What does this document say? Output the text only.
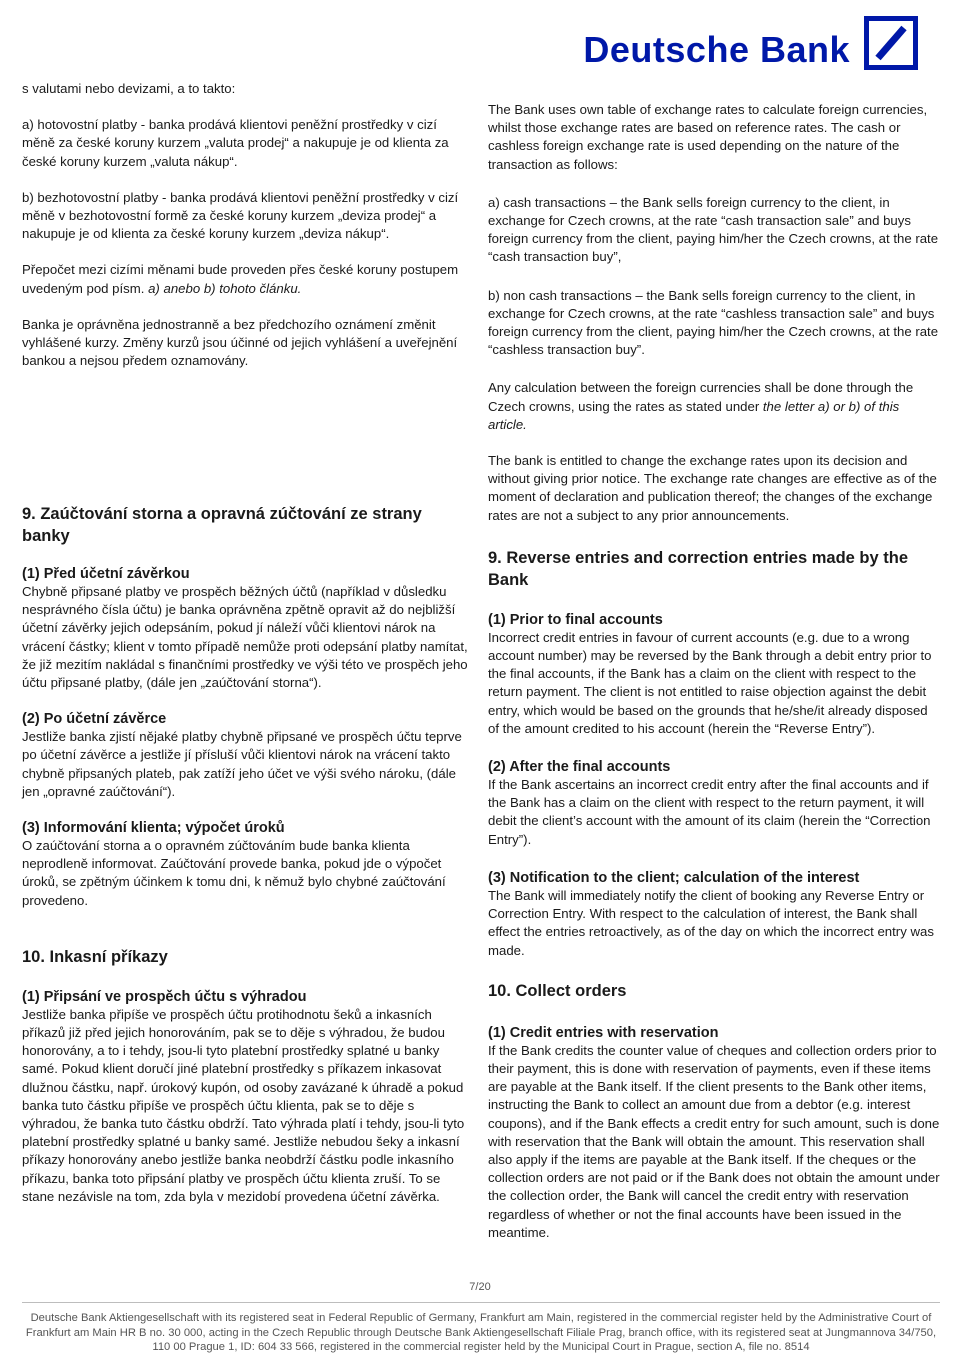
Deutsche Bank

s valutami nebo devizami, a to takto:

a) hotovostní platby - banka prodává klientovi peněžní prostředky v cizí měně za české koruny kurzem „valuta prodej“ a nakupuje je od klienta za české koruny kurzem „valuta nákup“.

b) bezhotovostní platby - banka prodává klientovi peněžní prostředky v cizí měně v bezhotovostní formě za české koruny kurzem „deviza prodej“ a nakupuje je od klienta za české koruny kurzem „deviza nákup“.

Přepočet mezi cizími měnami bude proveden přes české koruny postupem uvedeným pod písm. a) anebo b) tohoto článku.

Banka je oprávněna jednostranně a bez předchozího oznámení změnit vyhlášené kurzy. Změny kurzů jsou účinné od jejich vyhlášení a uveřejnění bankou a nejsou předem oznamovány.

9. Zaúčtování storna a opravná zúčtování ze strany banky

(1) Před účetní závěrkou

Chybně připsané platby ve prospěch běžných účtů (například v důsledku nesprávného čísla účtu) je banka oprávněna zpětně opravit až do nejbližší účetní závěrky jejich odepsáním, pokud jí náleží vůči klientovi nárok na vrácení částky; klient v tomto případě nemůže proti odepsání platby namítat, že již mezitím nakládal s finančními prostředky ve výši této ve prospěch jeho účtu připsané platby, (dále jen „zaúčtování storna“).

(2) Po účetní závěrce

Jestliže banka zjistí nějaké platby chybně připsané ve prospěch účtu teprve po účetní závěrce a jestliže jí přísluší vůči klientovi nárok na vrácení takto chybně připsaných plateb, pak zatíží jeho účet ve výši svého nároku, (dále jen „opravné zaúčtování“).

(3) Informování klienta; výpočet úroků

O zaúčtování storna a o opravném zúčtováním bude banka klienta neprodleně informovat. Zaúčtování provede banka, pokud jde o výpočet úroků, se zpětným účinkem k tomu dni, k němuž bylo chybné zaúčtování provedeno.

10. Inkasní příkazy

(1) Připsání ve prospěch účtu s výhradou

Jestliže banka připíše ve prospěch účtu protihodnotu šeků a inkasních příkazů již před jejich honorováním, pak se to děje s výhradou, že budou honorovány, a to i tehdy, jsou-li tyto platební prostředky splatné u banky samé. Pokud klient doručí jiné platební prostředky s příkazem inkasovat dlužnou částku, např. úrokový kupón, od osoby zavázané k úhradě a pokud banka tuto částku připíše ve prospěch účtu klienta, pak se to děje s výhradou, že banka tuto částku obdrží. Tato výhrada platí i tehdy, jsou-li tyto platební prostředky splatné u banky samé. Jestliže nebudou šeky a inkasní příkazy honorovány anebo jestliže banka neobdrží částku podle inkasního příkazu, banka toto připsání platby ve prospěch účtu klienta zruší. To se stane nezávisle na tom, zda byla v mezidobí provedena účetní závěrka.

The Bank uses own table of exchange rates to calculate foreign currencies, whilst those exchange rates are based on reference rates. The cash or cashless foreign exchange rate is used depending on the nature of the transaction as follows:

a) cash transactions – the Bank sells foreign currency to the client, in exchange for Czech crowns, at the rate “cash transaction sale” and buys foreign currency from the client, paying him/her the Czech crowns, at the rate “cash transaction buy”,

b) non cash transactions – the Bank sells foreign currency to the client, in exchange for Czech crowns, at the rate “cashless transaction sale” and buys foreign currency from the client, paying him/her the Czech crowns, at the rate “cashless transaction buy”.

Any calculation between the foreign currencies shall be done through the Czech crowns, using the rates as stated under the letter a) or b) of this article.

The bank is entitled to change the exchange rates upon its decision and without giving prior notice. The exchange rate changes are effective as of the moment of declaration and publication thereof; the changes of the exchange rates are not a subject to any prior announcements.

9. Reverse entries and correction entries made by the Bank

(1) Prior to final accounts

Incorrect credit entries in favour of current accounts (e.g. due to a wrong account number) may be reversed by the Bank through a debit entry prior to the final accounts, if the Bank has a claim on the client with respect to the return payment. The client is not entitled to raise objection against the debit entry, which would be based on the grounds that he/she/it already disposed of the amount credited to his account (herein the “Reverse Entry”).

(2) After the final accounts

If the Bank ascertains an incorrect credit entry after the final accounts and if the Bank has a claim on the client with respect to the return payment, it will debit the client’s account with the amount of its claim (herein the “Correction Entry”).

(3) Notification to the client; calculation of the interest

The Bank will immediately notify the client of booking any Reverse Entry or Correction Entry. With respect to the calculation of interest, the Bank shall effect the entries retroactively, as of the day on which the incorrect entry was made.

10. Collect orders

(1) Credit entries with reservation

If the Bank credits the counter value of cheques and collection orders prior to their payment, this is done with reservation of payments, even if these items are payable at the Bank itself. If the client presents to the Bank other items, instructing the Bank to collect an amount due from a debtor (e.g. interest coupons), and if the Bank effects a credit entry for such amount, such is done with reservation that the Bank will obtain the amount. This reservation shall also apply if the items are payable at the Bank itself. If the cheques or the collection orders are not paid or if the Bank does not obtain the amount under the collection order, the Bank will cancel the credit entry with reservation regardless of whether or not the final accounts have been issued in the meantime.

7/20
Deutsche Bank Aktiengesellschaft with its registered seat in Federal Republic of Germany, Frankfurt am Main, registered in the commercial register held by the Administrative Court of Frankfurt am Main HR B no. 30 000, acting in the Czech Republic through Deutsche Bank Aktiengesellschaft Filiale Prag, branch office, with its registered seat at Jungmannova 34/750, 110 00 Prague 1, ID: 604 33 566, registered in the commercial register held by the Municipal Court in Prague, section A, file no. 8514
